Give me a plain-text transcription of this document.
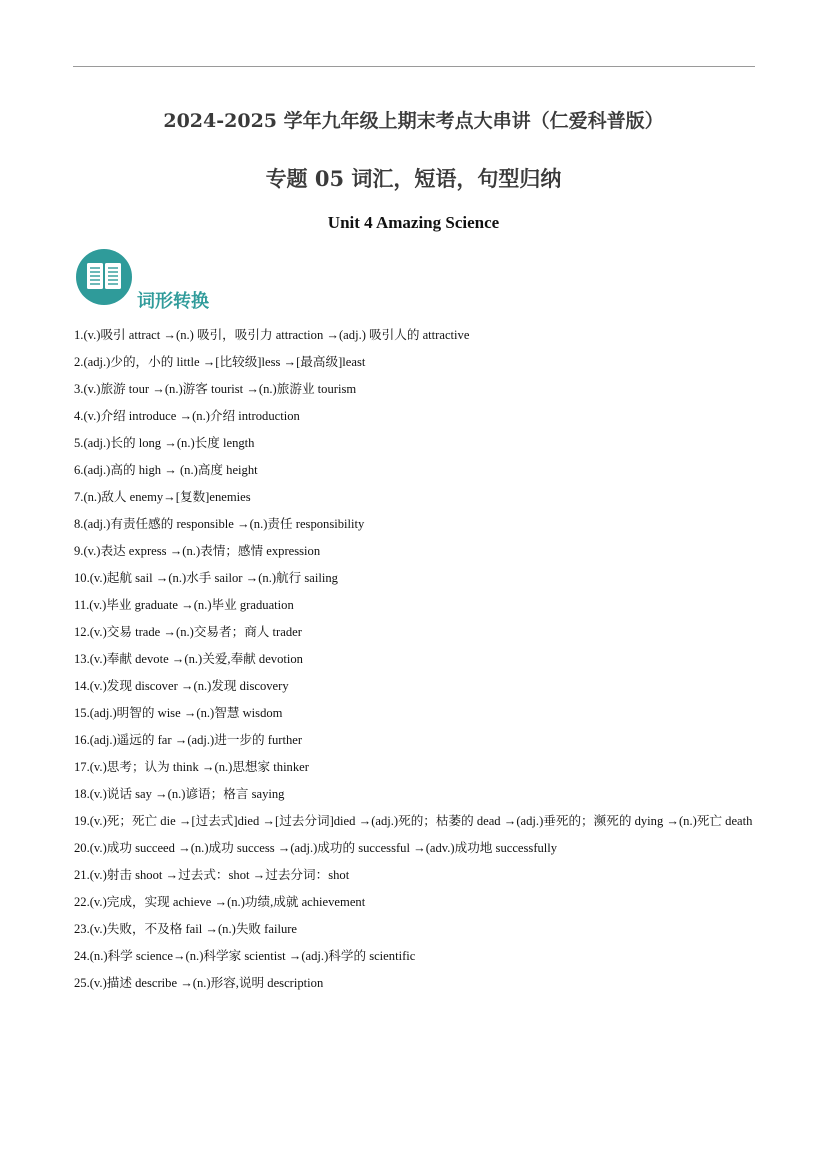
2024-2025 学年九年级上期末考点大串讲（仁爱科普版）
专题 05 词汇，短语，句型归纳
Unit 4 Amazing Science
词形转换
1.(v.)吸引 attract →(n.) 吸引，吸引力 attraction →(adj.) 吸引人的 attractive
2.(adj.)少的，小的 little →[比较级]less →[最高级]least
3.(v.)旅游 tour →(n.)游客 tourist →(n.)旅游业 tourism
4.(v.)介绍 introduce →(n.)介绍 introduction
5.(adj.)长的 long →(n.)长度 length
6.(adj.)高的 high → (n.)高度 height
7.(n.)敌人 enemy→[复数]enemies
8.(adj.)有责任感的 responsible →(n.)责任 responsibility
9.(v.)表达 express →(n.)表情；感情 expression
10.(v.)起航 sail →(n.)水手 sailor →(n.)航行 sailing
11.(v.)毕业 graduate →(n.)毕业 graduation
12.(v.)交易 trade →(n.)交易者；商人 trader
13.(v.)奉献 devote →(n.)关爱,奉献 devotion
14.(v.)发现 discover →(n.)发现 discovery
15.(adj.)明智的 wise →(n.)智慧 wisdom
16.(adj.)遥远的 far →(adj.)进一步的 further
17.(v.)思考；认为 think →(n.)思想家 thinker
18.(v.)说话 say →(n.)谚语；格言 saying
19.(v.)死；死亡 die →[过去式]died →[过去分词]died →(adj.)死的；枯萎的 dead →(adj.)垂死的；濒死的 dying →(n.)死亡 death
20.(v.)成功 succeed →(n.)成功 success →(adj.)成功的 successful →(adv.)成功地 successfully
21.(v.)射击 shoot →过去式：shot →过去分词：shot
22.(v.)完成，实现 achieve →(n.)功绩,成就 achievement
23.(v.)失败，不及格 fail →(n.)失败 failure
24.(n.)科学 science→(n.)科学家 scientist →(adj.)科学的 scientific
25.(v.)描述 describe →(n.)形容,说明 description
